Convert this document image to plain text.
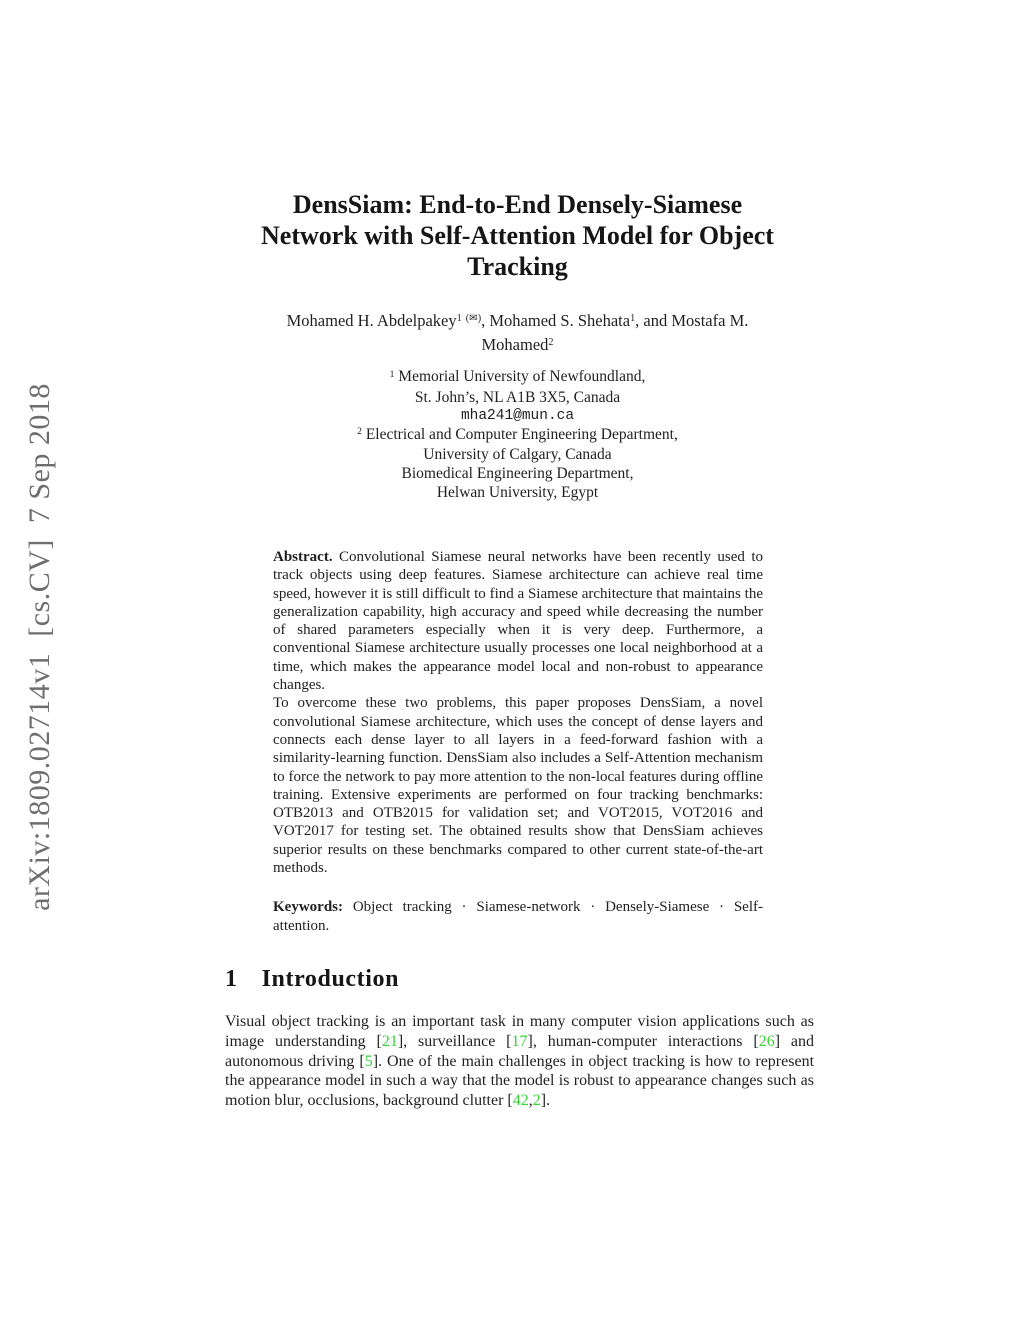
arXiv:1809.02714v1  [cs.CV]  7 Sep 2018
DensSiam: End-to-End Densely-Siamese
Network with Self-Attention Model for Object
Tracking
Mohamed H. Abdelpakey$^1$ (✉), Mohamed S. Shehata$^1$, and Mostafa M.
Mohamed$^2$
$^1$ Memorial University of Newfoundland,
St. John’s, NL A1B 3X5, Canada
mha241@mun.ca
$^2$ Electrical and Computer Engineering Department,
University of Calgary, Canada
Biomedical Engineering Department,
Helwan University, Egypt
Abstract. Convolutional Siamese neural networks have been recently used to track objects using deep features. Siamese architecture can achieve real time speed, however it is still difficult to find a Siamese architecture that maintains the generalization capability, high accuracy and speed while decreasing the number of shared parameters especially when it is very deep. Furthermore, a conventional Siamese architecture usually processes one local neighborhood at a time, which makes the appearance model local and non-robust to appearance changes.
To overcome these two problems, this paper proposes DensSiam, a novel convolutional Siamese architecture, which uses the concept of dense layers and connects each dense layer to all layers in a feed-forward fashion with a similarity-learning function. DensSiam also includes a Self-Attention mechanism to force the network to pay more attention to the non-local features during offline training. Extensive experiments are performed on four tracking benchmarks: OTB2013 and OTB2015 for validation set; and VOT2015, VOT2016 and VOT2017 for testing set. The obtained results show that DensSiam achieves superior results on these benchmarks compared to other current state-of-the-art methods.
Keywords: Object tracking · Siamese-network · Densely-Siamese · Self-attention.
1 Introduction

Visual object tracking is an important task in many computer vision applications such as image understanding [21], surveillance [17], human-computer interactions [26] and autonomous driving [5]. One of the main challenges in object tracking is how to represent the appearance model in such a way that the model is robust to appearance changes such as motion blur, occlusions, background clutter [42,2].
